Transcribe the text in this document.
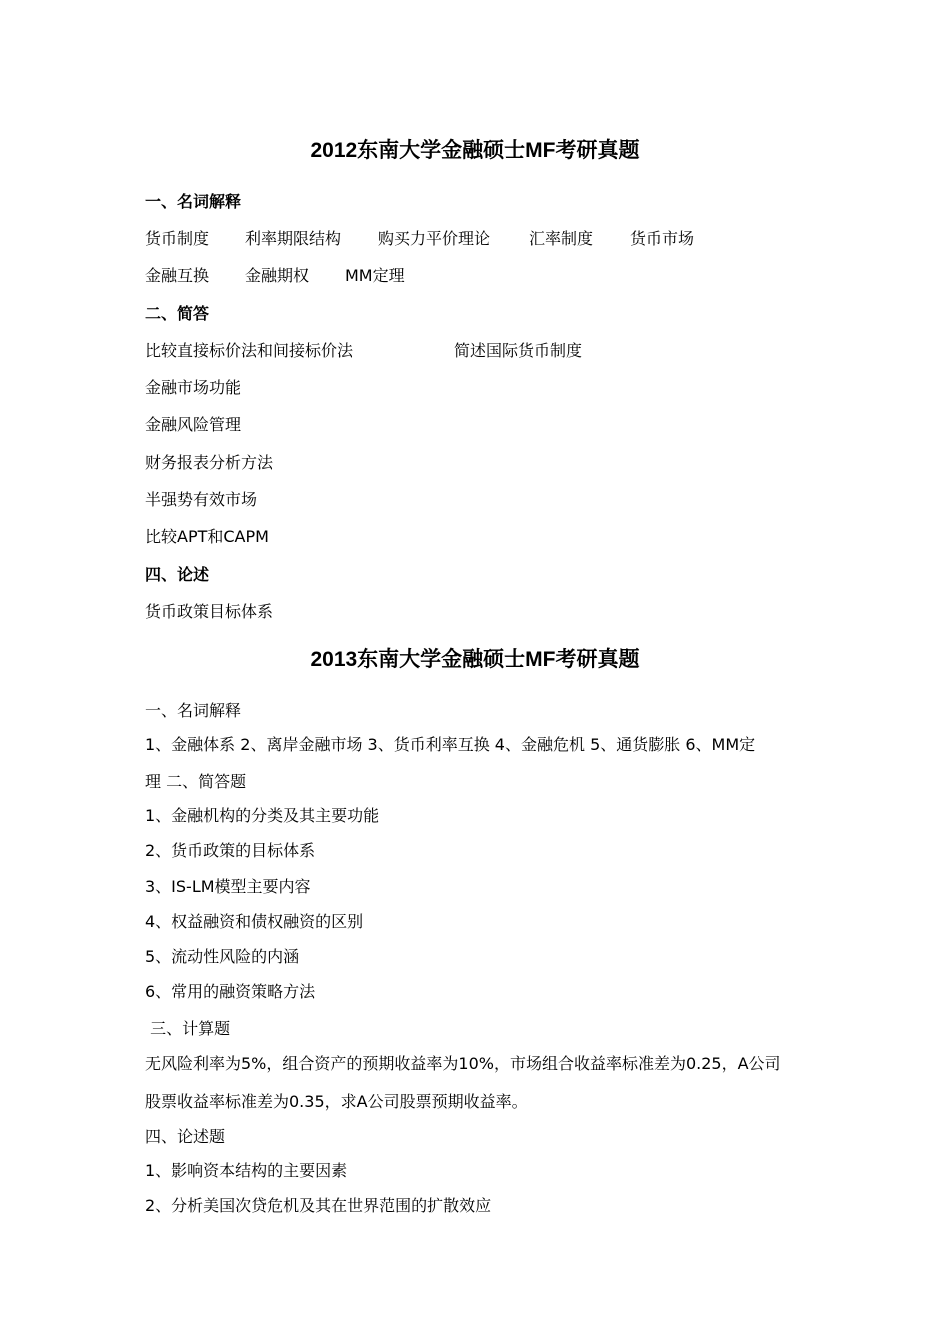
2012东南大学金融硕士MF考研真题
一、名词解释
货币制度 利率期限结构 购买力平价理论 汇率制度 货币市场
金融互换 金融期权 MM定理
二、简答
比较直接标价法和间接标价法	简述国际货币制度
金融市场功能
金融风险管理
财务报表分析方法
半强势有效市场
比较APT和CAPM
四、论述
货币政策目标体系
2013东南大学金融硕士MF考研真题
一、名词解释
1、金融体系 2、离岸金融市场 3、货币利率互换 4、金融危机 5、通货膨胀 6、MM定
理 二、简答题
1、金融机构的分类及其主要功能
2、货币政策的目标体系
3、IS-LM模型主要内容
4、权益融资和债权融资的区别
5、流动性风险的内涵
6、常用的融资策略方法
三、计算题
无风险利率为5%，组合资产的预期收益率为10%，市场组合收益率标准差为0.25，A公司
股票收益率标准差为0.35，求A公司股票预期收益率。
四、论述题
1、影响资本结构的主要因素
2、分析美国次贷危机及其在世界范围的扩散效应
